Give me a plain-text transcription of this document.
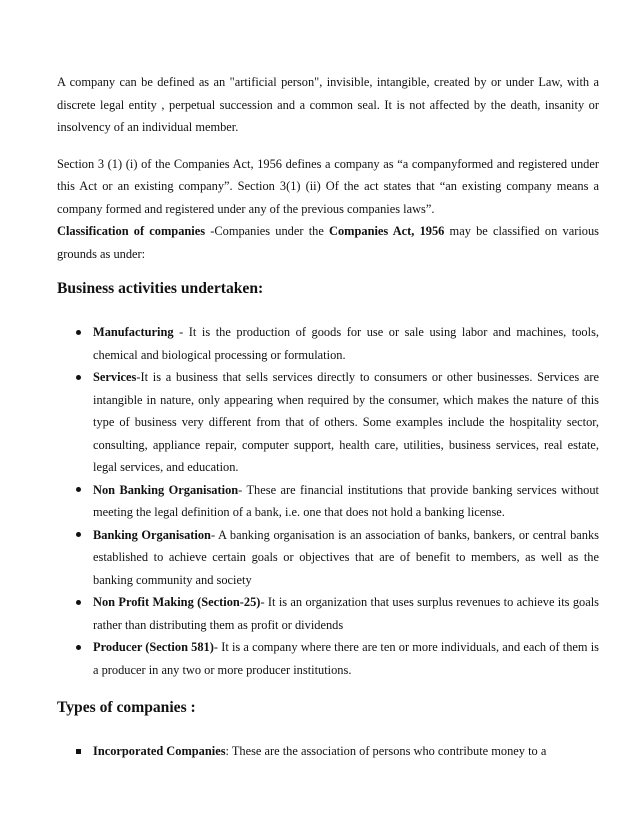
A company can be defined as an "artificial person", invisible, intangible, created by or under Law, with a discrete legal entity , perpetual succession and a common seal. It is not affected by the death, insanity or insolvency of an individual member.

Section 3 (1) (i) of the Companies Act, 1956 defines a company as “a companyformed and registered under this Act or an existing company”. Section 3(1) (ii) Of the act states that “an existing company means a company formed and registered under any of the previous companies laws”.

Classification of companies -Companies under the Companies Act, 1956 may be classified on various grounds as under:

Business activities undertaken:
Manufacturing - It is the production of goods for use or sale using labor and machines, tools, chemical and biological processing or formulation.
Services-It is a business that sells services directly to consumers or other businesses. Services are intangible in nature, only appearing when required by the consumer, which makes the nature of this type of business very different from that of others. Some examples include the hospitality sector, consulting, appliance repair, computer support, health care, utilities, business services, real estate, legal services, and education.
Non Banking Organisation- These are financial institutions that provide banking services without meeting the legal definition of a bank, i.e. one that does not hold a banking license.
Banking Organisation- A banking organisation is an association of banks, bankers, or central banks established to achieve certain goals or objectives that are of benefit to members, as well as the banking community and society
Non Profit Making (Section-25)- It is an organization that uses surplus revenues to achieve its goals rather than distributing them as profit or dividends
Producer (Section 581)- It is a company where there are ten or more individuals, and each of them is a producer in any two or more producer institutions.
Types of companies :
Incorporated Companies: These are the association of persons who contribute money to a
